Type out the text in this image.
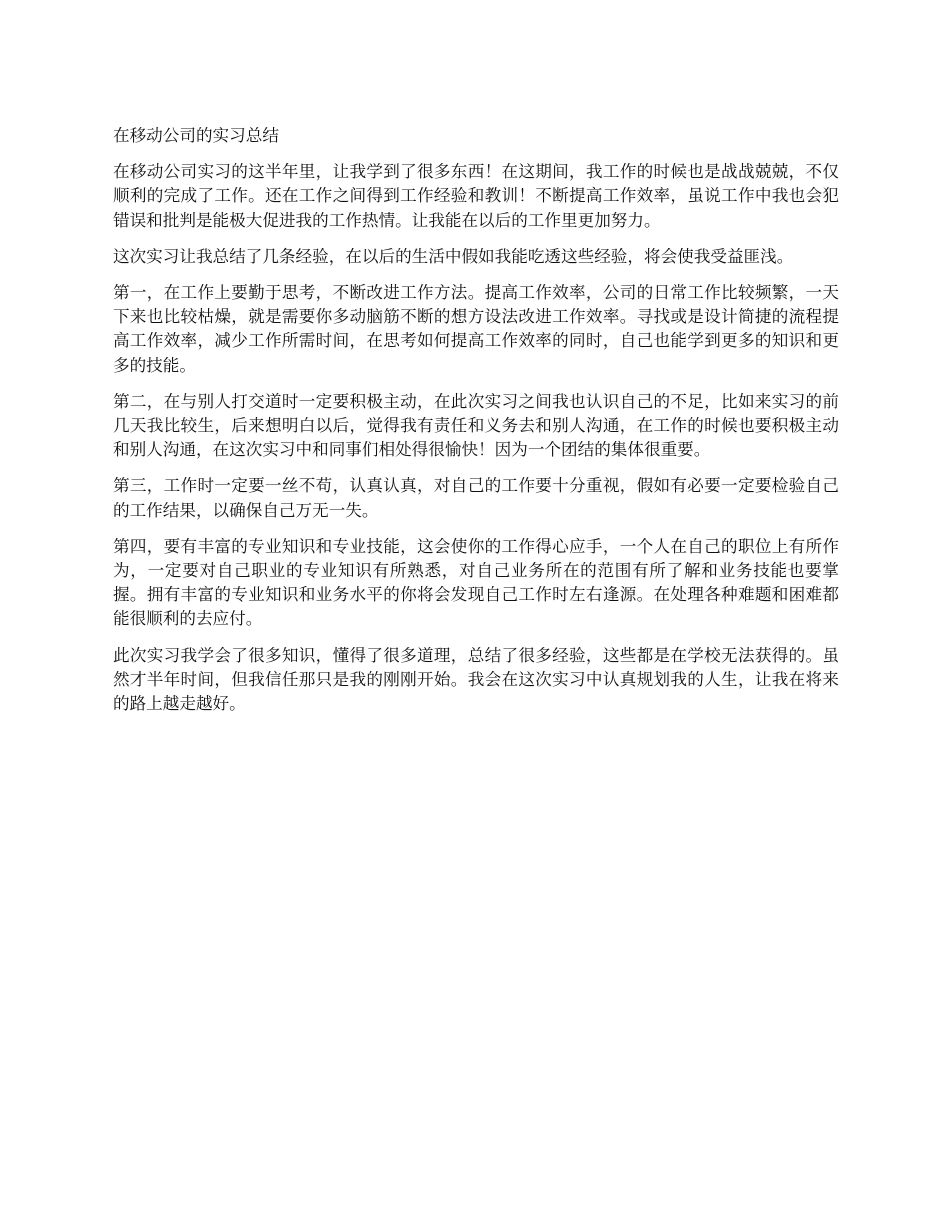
在移动公司的实习总结

在移动公司实习的这半年里，让我学到了很多东西！在这期间，我工作的时候也是战战兢兢，不仅顺利的完成了工作。还在工作之间得到工作经验和教训！不断提高工作效率，虽说工作中我也会犯错误和批判是能极大促进我的工作热情。让我能在以后的工作里更加努力。

这次实习让我总结了几条经验，在以后的生活中假如我能吃透这些经验，将会使我受益匪浅。

第一，在工作上要勤于思考，不断改进工作方法。提高工作效率，公司的日常工作比较频繁，一天下来也比较枯燥，就是需要你多动脑筋不断的想方设法改进工作效率。寻找或是设计简捷的流程提高工作效率，减少工作所需时间，在思考如何提高工作效率的同时，自己也能学到更多的知识和更多的技能。

第二，在与别人打交道时一定要积极主动，在此次实习之间我也认识自己的不足，比如来实习的前几天我比较生，后来想明白以后，觉得我有责任和义务去和别人沟通，在工作的时候也要积极主动和别人沟通，在这次实习中和同事们相处得很愉快！因为一个团结的集体很重要。

第三，工作时一定要一丝不苟，认真认真，对自己的工作要十分重视，假如有必要一定要检验自己的工作结果，以确保自己万无一失。

第四，要有丰富的专业知识和专业技能，这会使你的工作得心应手，一个人在自己的职位上有所作为，一定要对自己职业的专业知识有所熟悉，对自己业务所在的范围有所了解和业务技能也要掌握。拥有丰富的专业知识和业务水平的你将会发现自己工作时左右逢源。在处理各种难题和困难都能很顺利的去应付。

此次实习我学会了很多知识，懂得了很多道理，总结了很多经验，这些都是在学校无法获得的。虽然才半年时间，但我信任那只是我的刚刚开始。我会在这次实习中认真规划我的人生，让我在将来的路上越走越好。
